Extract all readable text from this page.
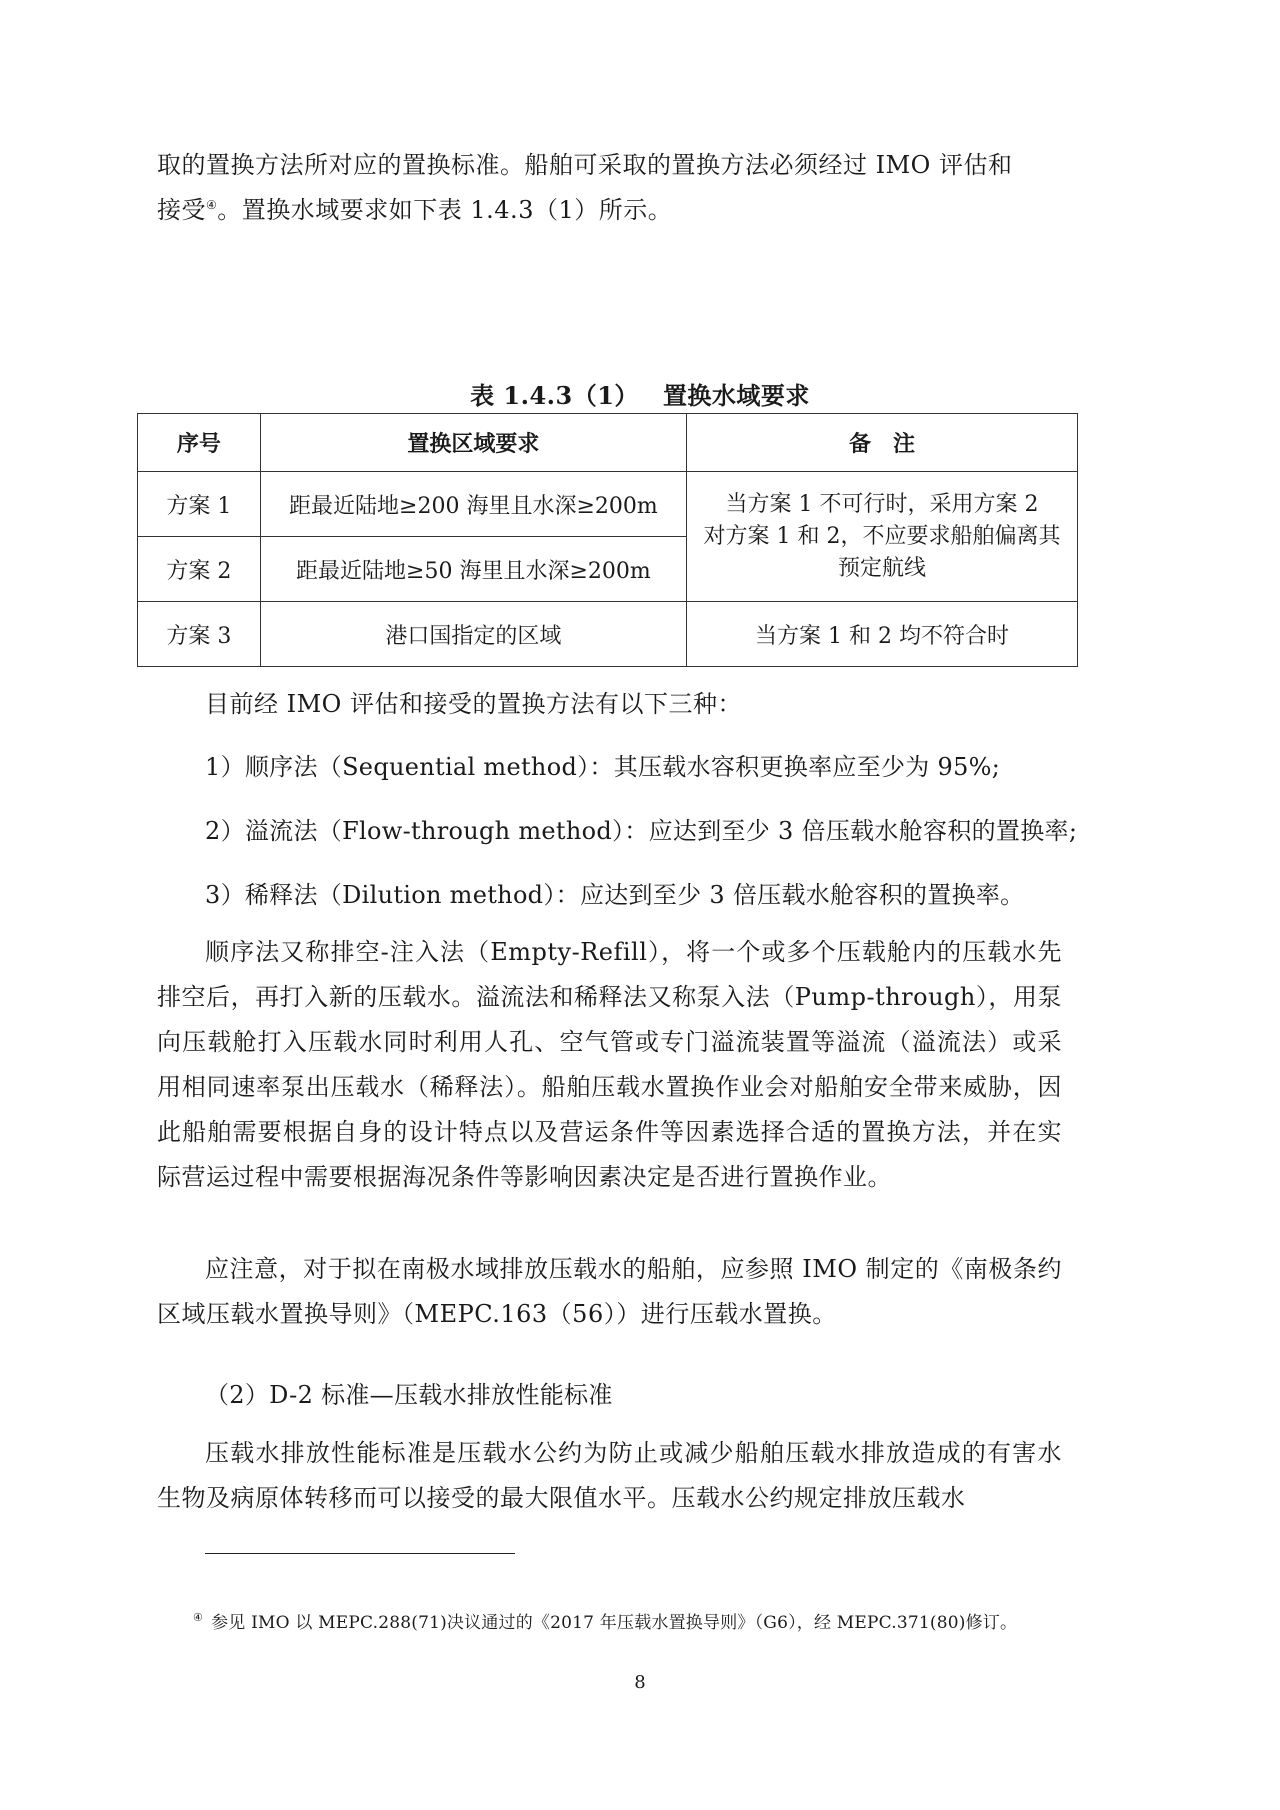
取的置换方法所对应的置换标准。船舶可采取的置换方法必须经过 IMO 评估和
接受④。置换水域要求如下表 1.4.3（1）所示。
表 1.4.3（1） 置换水域要求
序号	置换区域要求	备　注
方案 1	距最近陆地≥200 海里且水深≥200m	当方案 1 不可行时，采用方案 2
对方案 1 和 2，不应要求船舶偏离其
预定航线
方案 2	距最近陆地≥50 海里且水深≥200m	
方案 3	港口国指定的区域	当方案 1 和 2 均不符合时
目前经 IMO 评估和接受的置换方法有以下三种：
1）顺序法（Sequential method）：其压载水容积更换率应至少为 95%;
2）溢流法（Flow-through method）：应达到至少 3 倍压载水舱容积的置换率;
3）稀释法（Dilution method）：应达到至少 3 倍压载水舱容积的置换率。
顺序法又称排空-注入法（Empty-Refill），将一个或多个压载舱内的压载水先排空后，再打入新的压载水。溢流法和稀释法又称泵入法（Pump-through），用泵向压载舱打入压载水同时利用人孔、空气管或专门溢流装置等溢流（溢流法）或采用相同速率泵出压载水（稀释法）。船舶压载水置换作业会对船舶安全带来威胁，因此船舶需要根据自身的设计特点以及营运条件等因素选择合适的置换方法，并在实际营运过程中需要根据海况条件等影响因素决定是否进行置换作业。
应注意，对于拟在南极水域排放压载水的船舶，应参照 IMO 制定的《南极条约区域压载水置换导则》（MEPC.163（56））进行压载水置换。
（2）D-2 标准—压载水排放性能标准
压载水排放性能标准是压载水公约为防止或减少船舶压载水排放造成的有害水生物及病原体转移而可以接受的最大限值水平。压载水公约规定排放压载水
④ 参见 IMO 以 MEPC.288(71)决议通过的《2017 年压载水置换导则》（G6），经 MEPC.371(80)修订。
8
